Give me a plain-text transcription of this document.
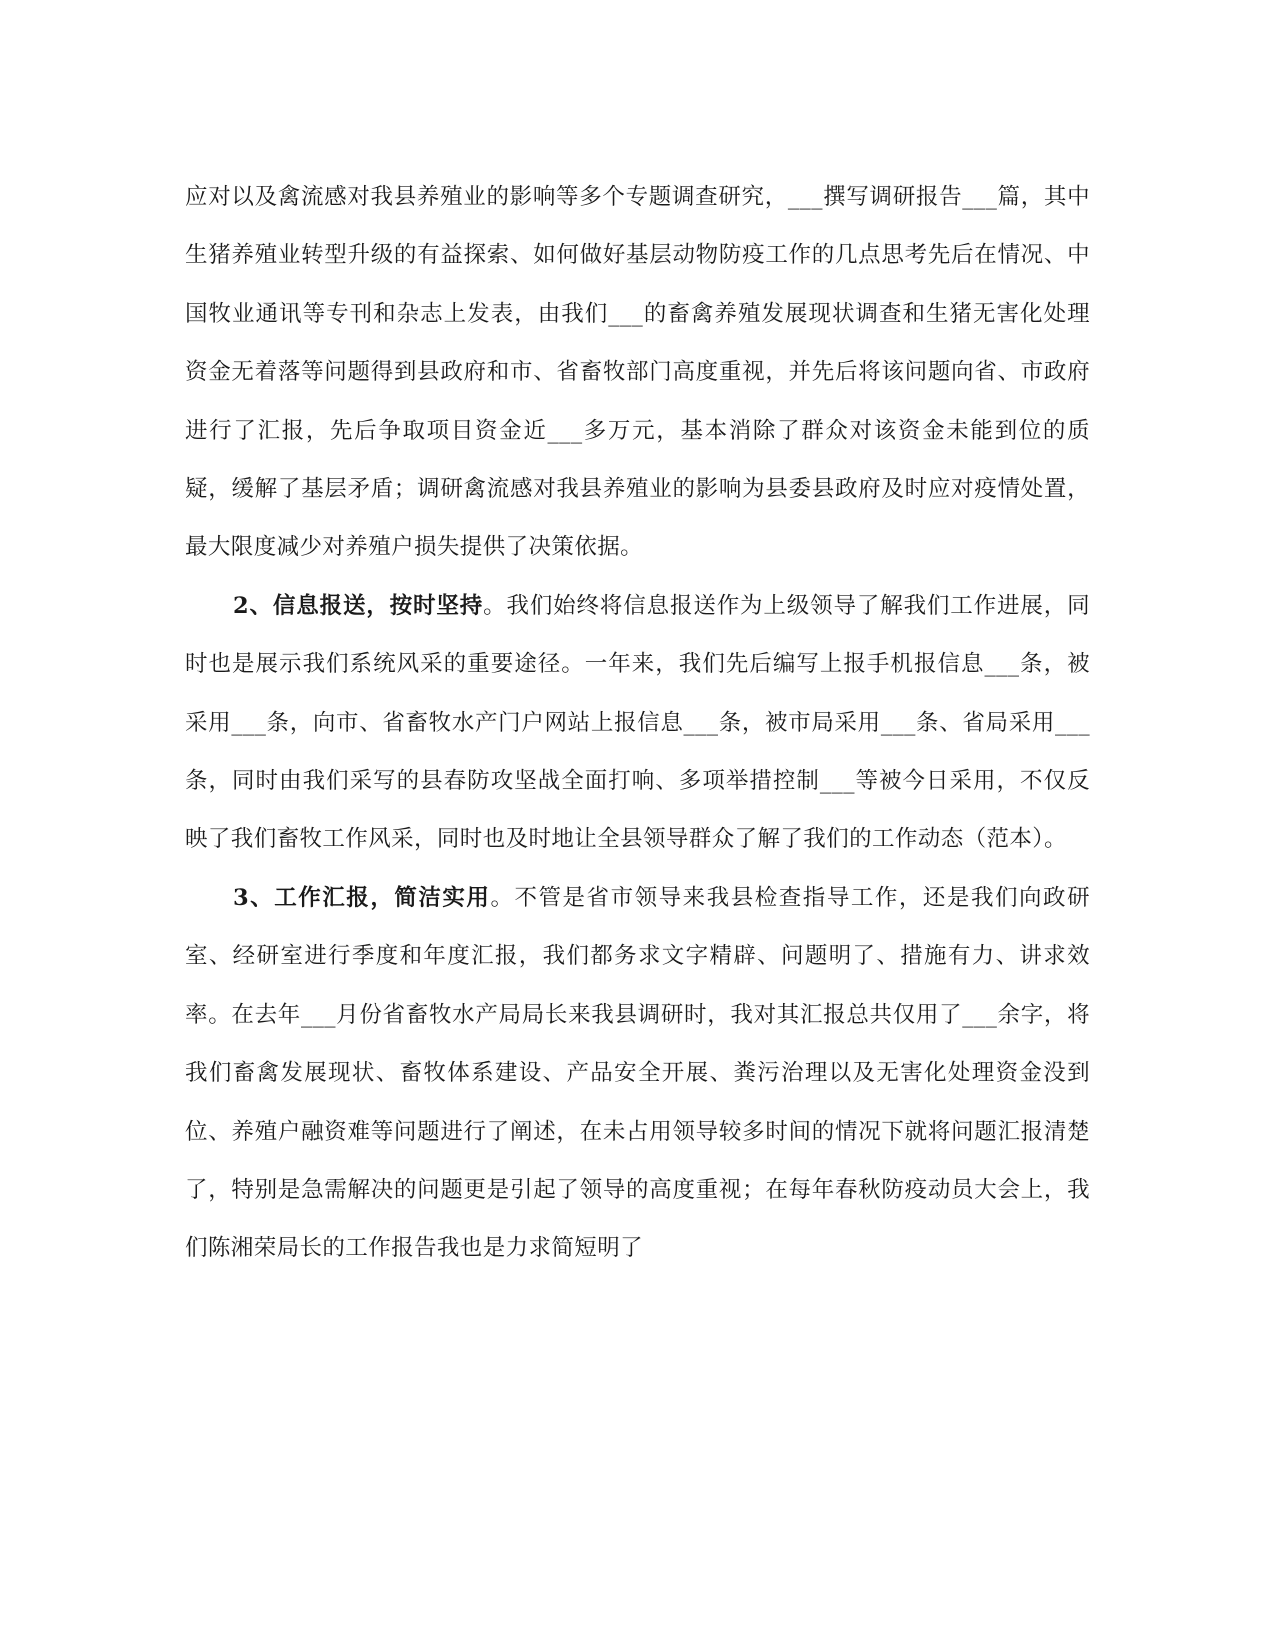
应对以及禽流感对我县养殖业的影响等多个专题调查研究，___撰写调研报告___篇，其中生猪养殖业转型升级的有益探索、如何做好基层动物防疫工作的几点思考先后在情况、中国牧业通讯等专刊和杂志上发表，由我们___的畜禽养殖发展现状调查和生猪无害化处理资金无着落等问题得到县政府和市、省畜牧部门高度重视，并先后将该问题向省、市政府进行了汇报，先后争取项目资金近___多万元，基本消除了群众对该资金未能到位的质疑，缓解了基层矛盾；调研禽流感对我县养殖业的影响为县委县政府及时应对疫情处置，最大限度减少对养殖户损失提供了决策依据。

2、信息报送，按时坚持。我们始终将信息报送作为上级领导了解我们工作进展，同时也是展示我们系统风采的重要途径。一年来，我们先后编写上报手机报信息___条，被采用___条，向市、省畜牧水产门户网站上报信息___条，被市局采用___条、省局采用___条，同时由我们采写的县春防攻坚战全面打响、多项举措控制___等被今日采用，不仅反映了我们畜牧工作风采，同时也及时地让全县领导群众了解了我们的工作动态（范本）。

3、工作汇报，简洁实用。不管是省市领导来我县检查指导工作，还是我们向政研室、经研室进行季度和年度汇报，我们都务求文字精辟、问题明了、措施有力、讲求效率。在去年___月份省畜牧水产局局长来我县调研时，我对其汇报总共仅用了___余字，将我们畜禽发展现状、畜牧体系建设、产品安全开展、粪污治理以及无害化处理资金没到位、养殖户融资难等问题进行了阐述，在未占用领导较多时间的情况下就将问题汇报清楚了，特别是急需解决的问题更是引起了领导的高度重视；在每年春秋防疫动员大会上，我们陈湘荣局长的工作报告我也是力求简短明了
